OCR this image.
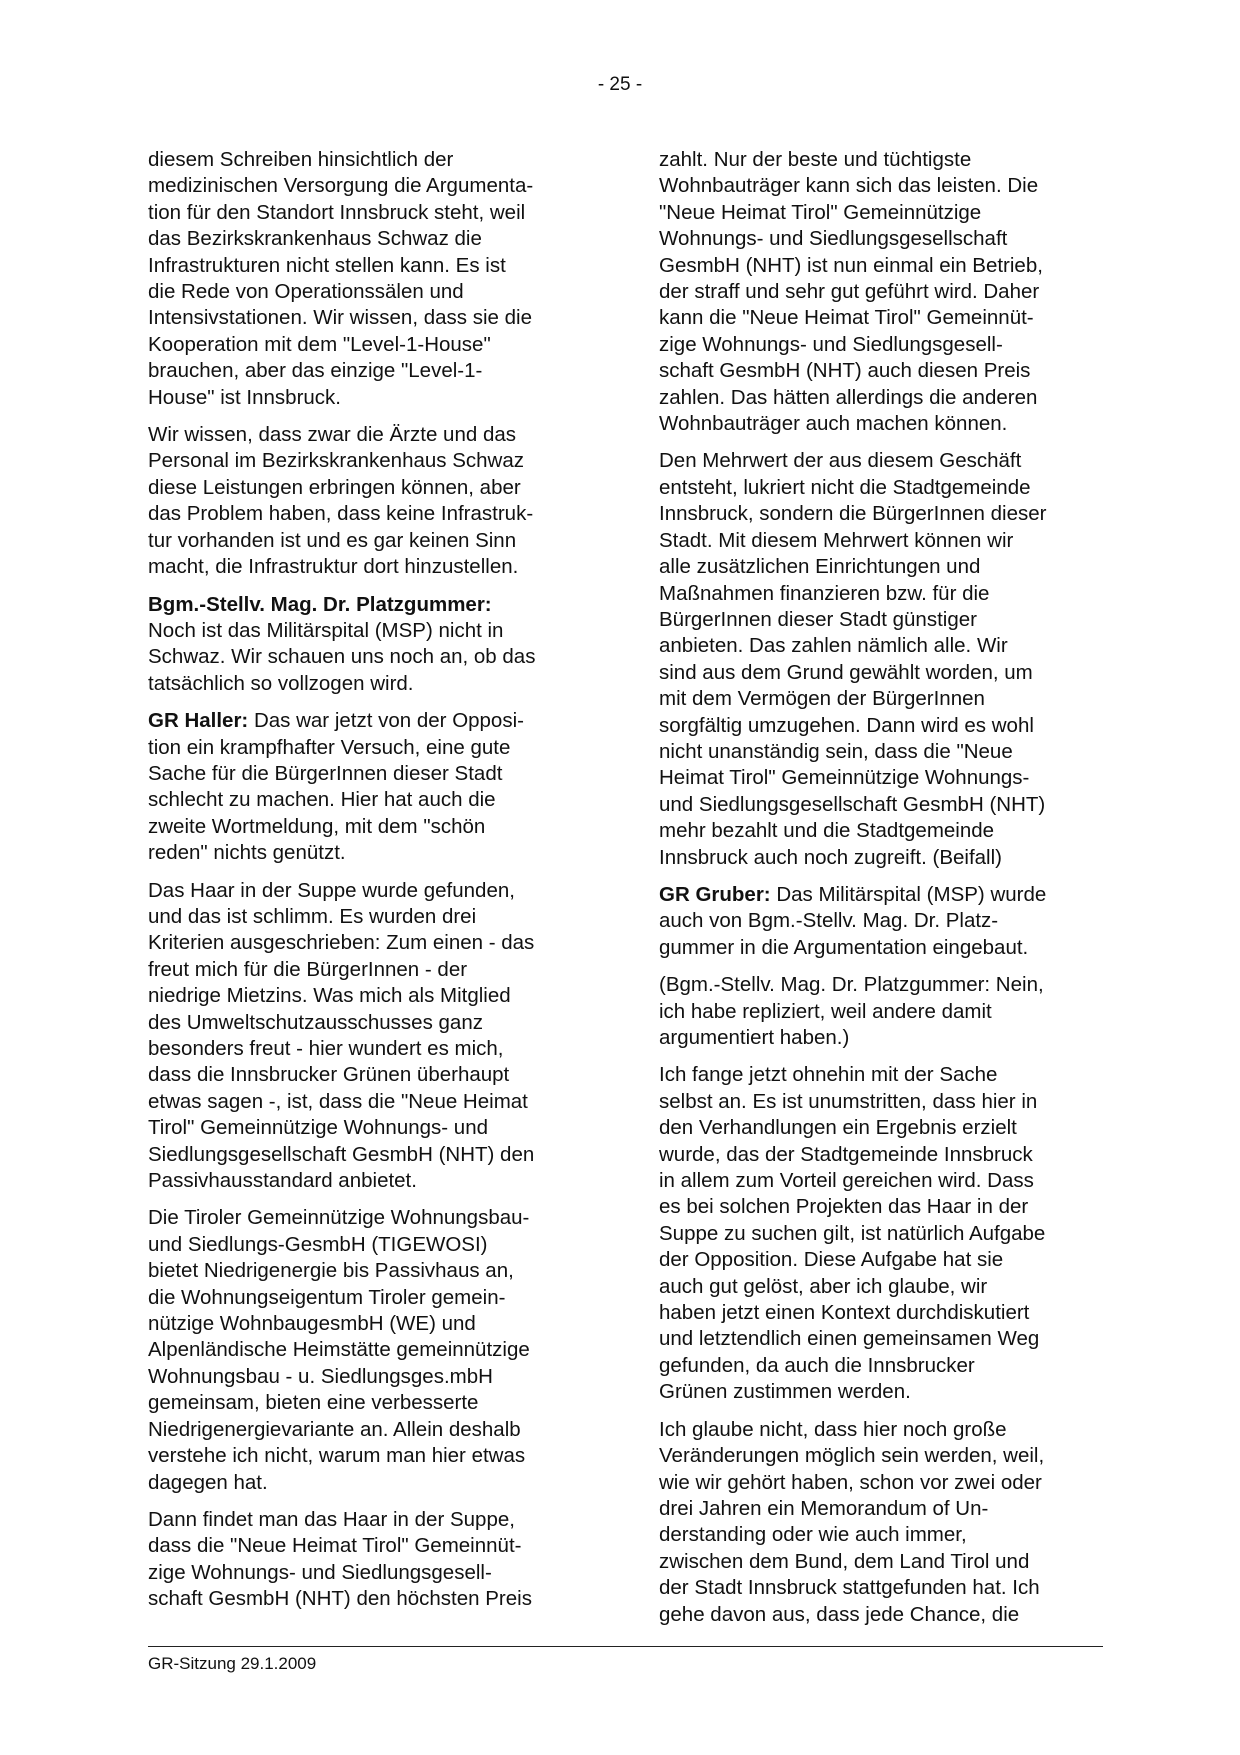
- 25 -

diesem Schreiben hinsichtlich der
medizinischen Versorgung die Argumenta-
tion für den Standort Innsbruck steht, weil
das Bezirkskrankenhaus Schwaz die
Infrastrukturen nicht stellen kann. Es ist
die Rede von Operationssälen und
Intensivstationen. Wir wissen, dass sie die
Kooperation mit dem "Level-1-House"
brauchen, aber das einzige "Level-1-
House" ist Innsbruck.

Wir wissen, dass zwar die Ärzte und das
Personal im Bezirkskrankenhaus Schwaz
diese Leistungen erbringen können, aber
das Problem haben, dass keine Infrastruk-
tur vorhanden ist und es gar keinen Sinn
macht, die Infrastruktur dort hinzustellen.

Bgm.-Stellv. Mag. Dr. Platzgummer:
Noch ist das Militärspital (MSP) nicht in
Schwaz. Wir schauen uns noch an, ob das
tatsächlich so vollzogen wird.

GR Haller: Das war jetzt von der Opposi-
tion ein krampfhafter Versuch, eine gute
Sache für die BürgerInnen dieser Stadt
schlecht zu machen. Hier hat auch die
zweite Wortmeldung, mit dem "schön
reden" nichts genützt.

Das Haar in der Suppe wurde gefunden,
und das ist schlimm. Es wurden drei
Kriterien ausgeschrieben: Zum einen - das
freut mich für die BürgerInnen - der
niedrige Mietzins. Was mich als Mitglied
des Umweltschutzausschusses ganz
besonders freut - hier wundert es mich,
dass die Innsbrucker Grünen überhaupt
etwas sagen -, ist, dass die "Neue Heimat
Tirol" Gemeinnützige Wohnungs- und
Siedlungsgesellschaft GesmbH (NHT) den
Passivhausstandard anbietet.

Die Tiroler Gemeinnützige Wohnungsbau-
und Siedlungs-GesmbH (TIGEWOSI)
bietet Niedrigenergie bis Passivhaus an,
die Wohnungseigentum Tiroler gemein-
nützige WohnbaugesmbH (WE) und
Alpenländische Heimstätte gemeinnützige
Wohnungsbau - u. Siedlungsges.mbH
gemeinsam, bieten eine verbesserte
Niedrigenergievariante an. Allein deshalb
verstehe ich nicht, warum man hier etwas
dagegen hat.

Dann findet man das Haar in der Suppe,
dass die "Neue Heimat Tirol" Gemeinnüt-
zige Wohnungs- und Siedlungsgesell-
schaft GesmbH (NHT) den höchsten Preis

zahlt. Nur der beste und tüchtigste
Wohnbauträger kann sich das leisten. Die
"Neue Heimat Tirol" Gemeinnützige
Wohnungs- und Siedlungsgesellschaft
GesmbH (NHT) ist nun einmal ein Betrieb,
der straff und sehr gut geführt wird. Daher
kann die "Neue Heimat Tirol" Gemeinnüt-
zige Wohnungs- und Siedlungsgesell-
schaft GesmbH (NHT) auch diesen Preis
zahlen. Das hätten allerdings die anderen
Wohnbauträger auch machen können.

Den Mehrwert der aus diesem Geschäft
entsteht, lukriert nicht die Stadtgemeinde
Innsbruck, sondern die BürgerInnen dieser
Stadt. Mit diesem Mehrwert können wir
alle zusätzlichen Einrichtungen und
Maßnahmen finanzieren bzw. für die
BürgerInnen dieser Stadt günstiger
anbieten. Das zahlen nämlich alle. Wir
sind aus dem Grund gewählt worden, um
mit dem Vermögen der BürgerInnen
sorgfältig umzugehen. Dann wird es wohl
nicht unanständig sein, dass die "Neue
Heimat Tirol" Gemeinnützige Wohnungs-
und Siedlungsgesellschaft GesmbH (NHT)
mehr bezahlt und die Stadtgemeinde
Innsbruck auch noch zugreift. (Beifall)

GR Gruber: Das Militärspital (MSP) wurde
auch von Bgm.-Stellv. Mag. Dr. Platz-
gummer in die Argumentation eingebaut.

(Bgm.-Stellv. Mag. Dr. Platzgummer: Nein,
ich habe repliziert, weil andere damit
argumentiert haben.)

Ich fange jetzt ohnehin mit der Sache
selbst an. Es ist unumstritten, dass hier in
den Verhandlungen ein Ergebnis erzielt
wurde, das der Stadtgemeinde Innsbruck
in allem zum Vorteil gereichen wird. Dass
es bei solchen Projekten das Haar in der
Suppe zu suchen gilt, ist natürlich Aufgabe
der Opposition. Diese Aufgabe hat sie
auch gut gelöst, aber ich glaube, wir
haben jetzt einen Kontext durchdiskutiert
und letztendlich einen gemeinsamen Weg
gefunden, da auch die Innsbrucker
Grünen zustimmen werden.

Ich glaube nicht, dass hier noch große
Veränderungen möglich sein werden, weil,
wie wir gehört haben, schon vor zwei oder
drei Jahren ein Memorandum of Un-
derstanding oder wie auch immer,
zwischen dem Bund, dem Land Tirol und
der Stadt Innsbruck stattgefunden hat. Ich
gehe davon aus, dass jede Chance, die

GR-Sitzung 29.1.2009
